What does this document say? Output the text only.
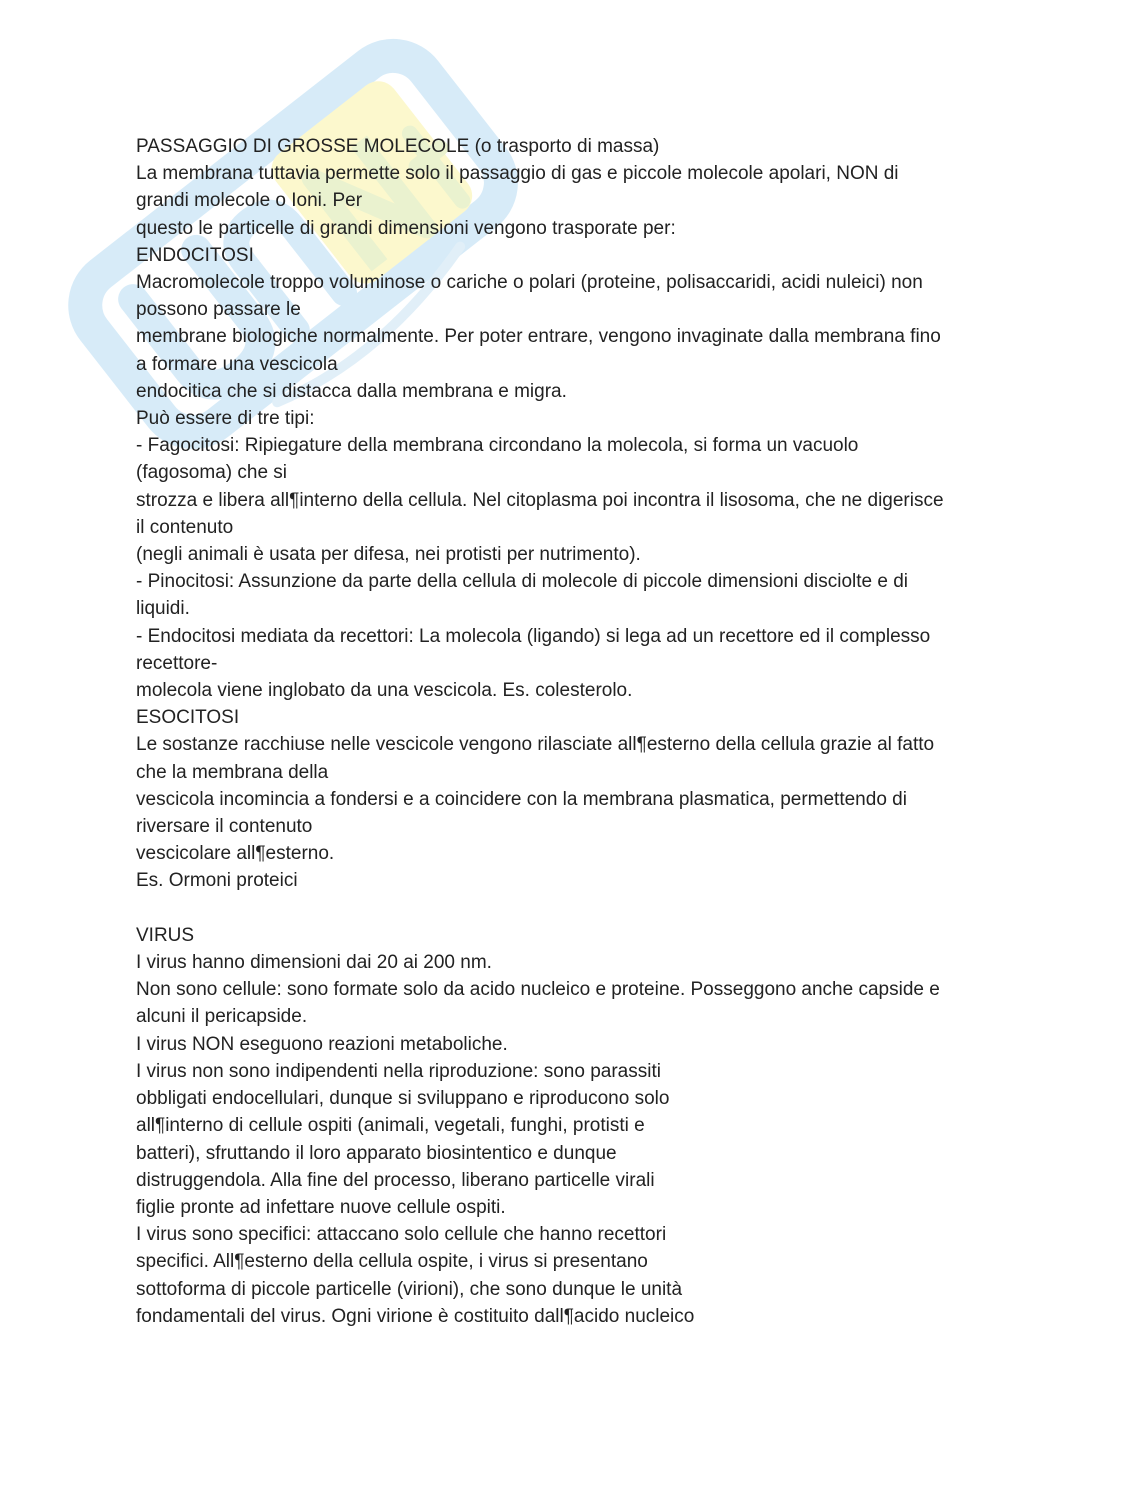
PASSAGGIO DI GROSSE MOLECOLE (o trasporto di massa)
La membrana tuttavia permette solo il passaggio di gas e piccole molecole apolari, NON di
grandi molecole o Ioni. Per
questo le particelle di grandi dimensioni vengono trasporate per:
ENDOCITOSI
Macromolecole troppo voluminose o cariche o polari (proteine, polisaccaridi, acidi nuleici) non
possono passare le
membrane biologiche normalmente. Per poter entrare, vengono invaginate dalla membrana fino
a formare una vescicola
endocitica che si distacca dalla membrana e migra.
Può essere di tre tipi:
- Fagocitosi: Ripiegature della membrana circondano la molecola, si forma un vacuolo
(fagosoma) che si
strozza e libera all¶interno della cellula. Nel citoplasma poi incontra il lisosoma, che ne digerisce
il contenuto
(negli animali è usata per difesa, nei protisti per nutrimento).
- Pinocitosi: Assunzione da parte della cellula di molecole di piccole dimensioni disciolte e di
liquidi.
- Endocitosi mediata da recettori: La molecola (ligando) si lega ad un recettore ed il complesso
recettore-
molecola viene inglobato da una vescicola. Es. colesterolo.
ESOCITOSI
Le sostanze racchiuse nelle vescicole vengono rilasciate all¶esterno della cellula grazie al fatto
che la membrana della
vescicola incomincia a fondersi e a coincidere con la membrana plasmatica, permettendo di
riversare il contenuto
vescicolare all¶esterno.
Es. Ormoni proteici
VIRUS
I virus hanno dimensioni dai 20 ai 200 nm.
Non sono cellule: sono formate solo da acido nucleico e proteine. Posseggono anche capside e
alcuni il pericapside.
I virus NON eseguono reazioni metaboliche.
I virus non sono indipendenti nella riproduzione: sono parassiti
obbligati endocellulari, dunque si sviluppano e riproducono solo
all¶interno di cellule ospiti (animali, vegetali, funghi, protisti e
batteri), sfruttando il loro apparato biosintentico e dunque
distruggendola. Alla fine del processo, liberano particelle virali
figlie pronte ad infettare nuove cellule ospiti.
I virus sono specifici: attaccano solo cellule che hanno recettori
specifici. All¶esterno della cellula ospite, i virus si presentano
sottoforma di piccole particelle (virioni), che sono dunque le unità
fondamentali del virus. Ogni virione è costituito dall¶acido nucleico
